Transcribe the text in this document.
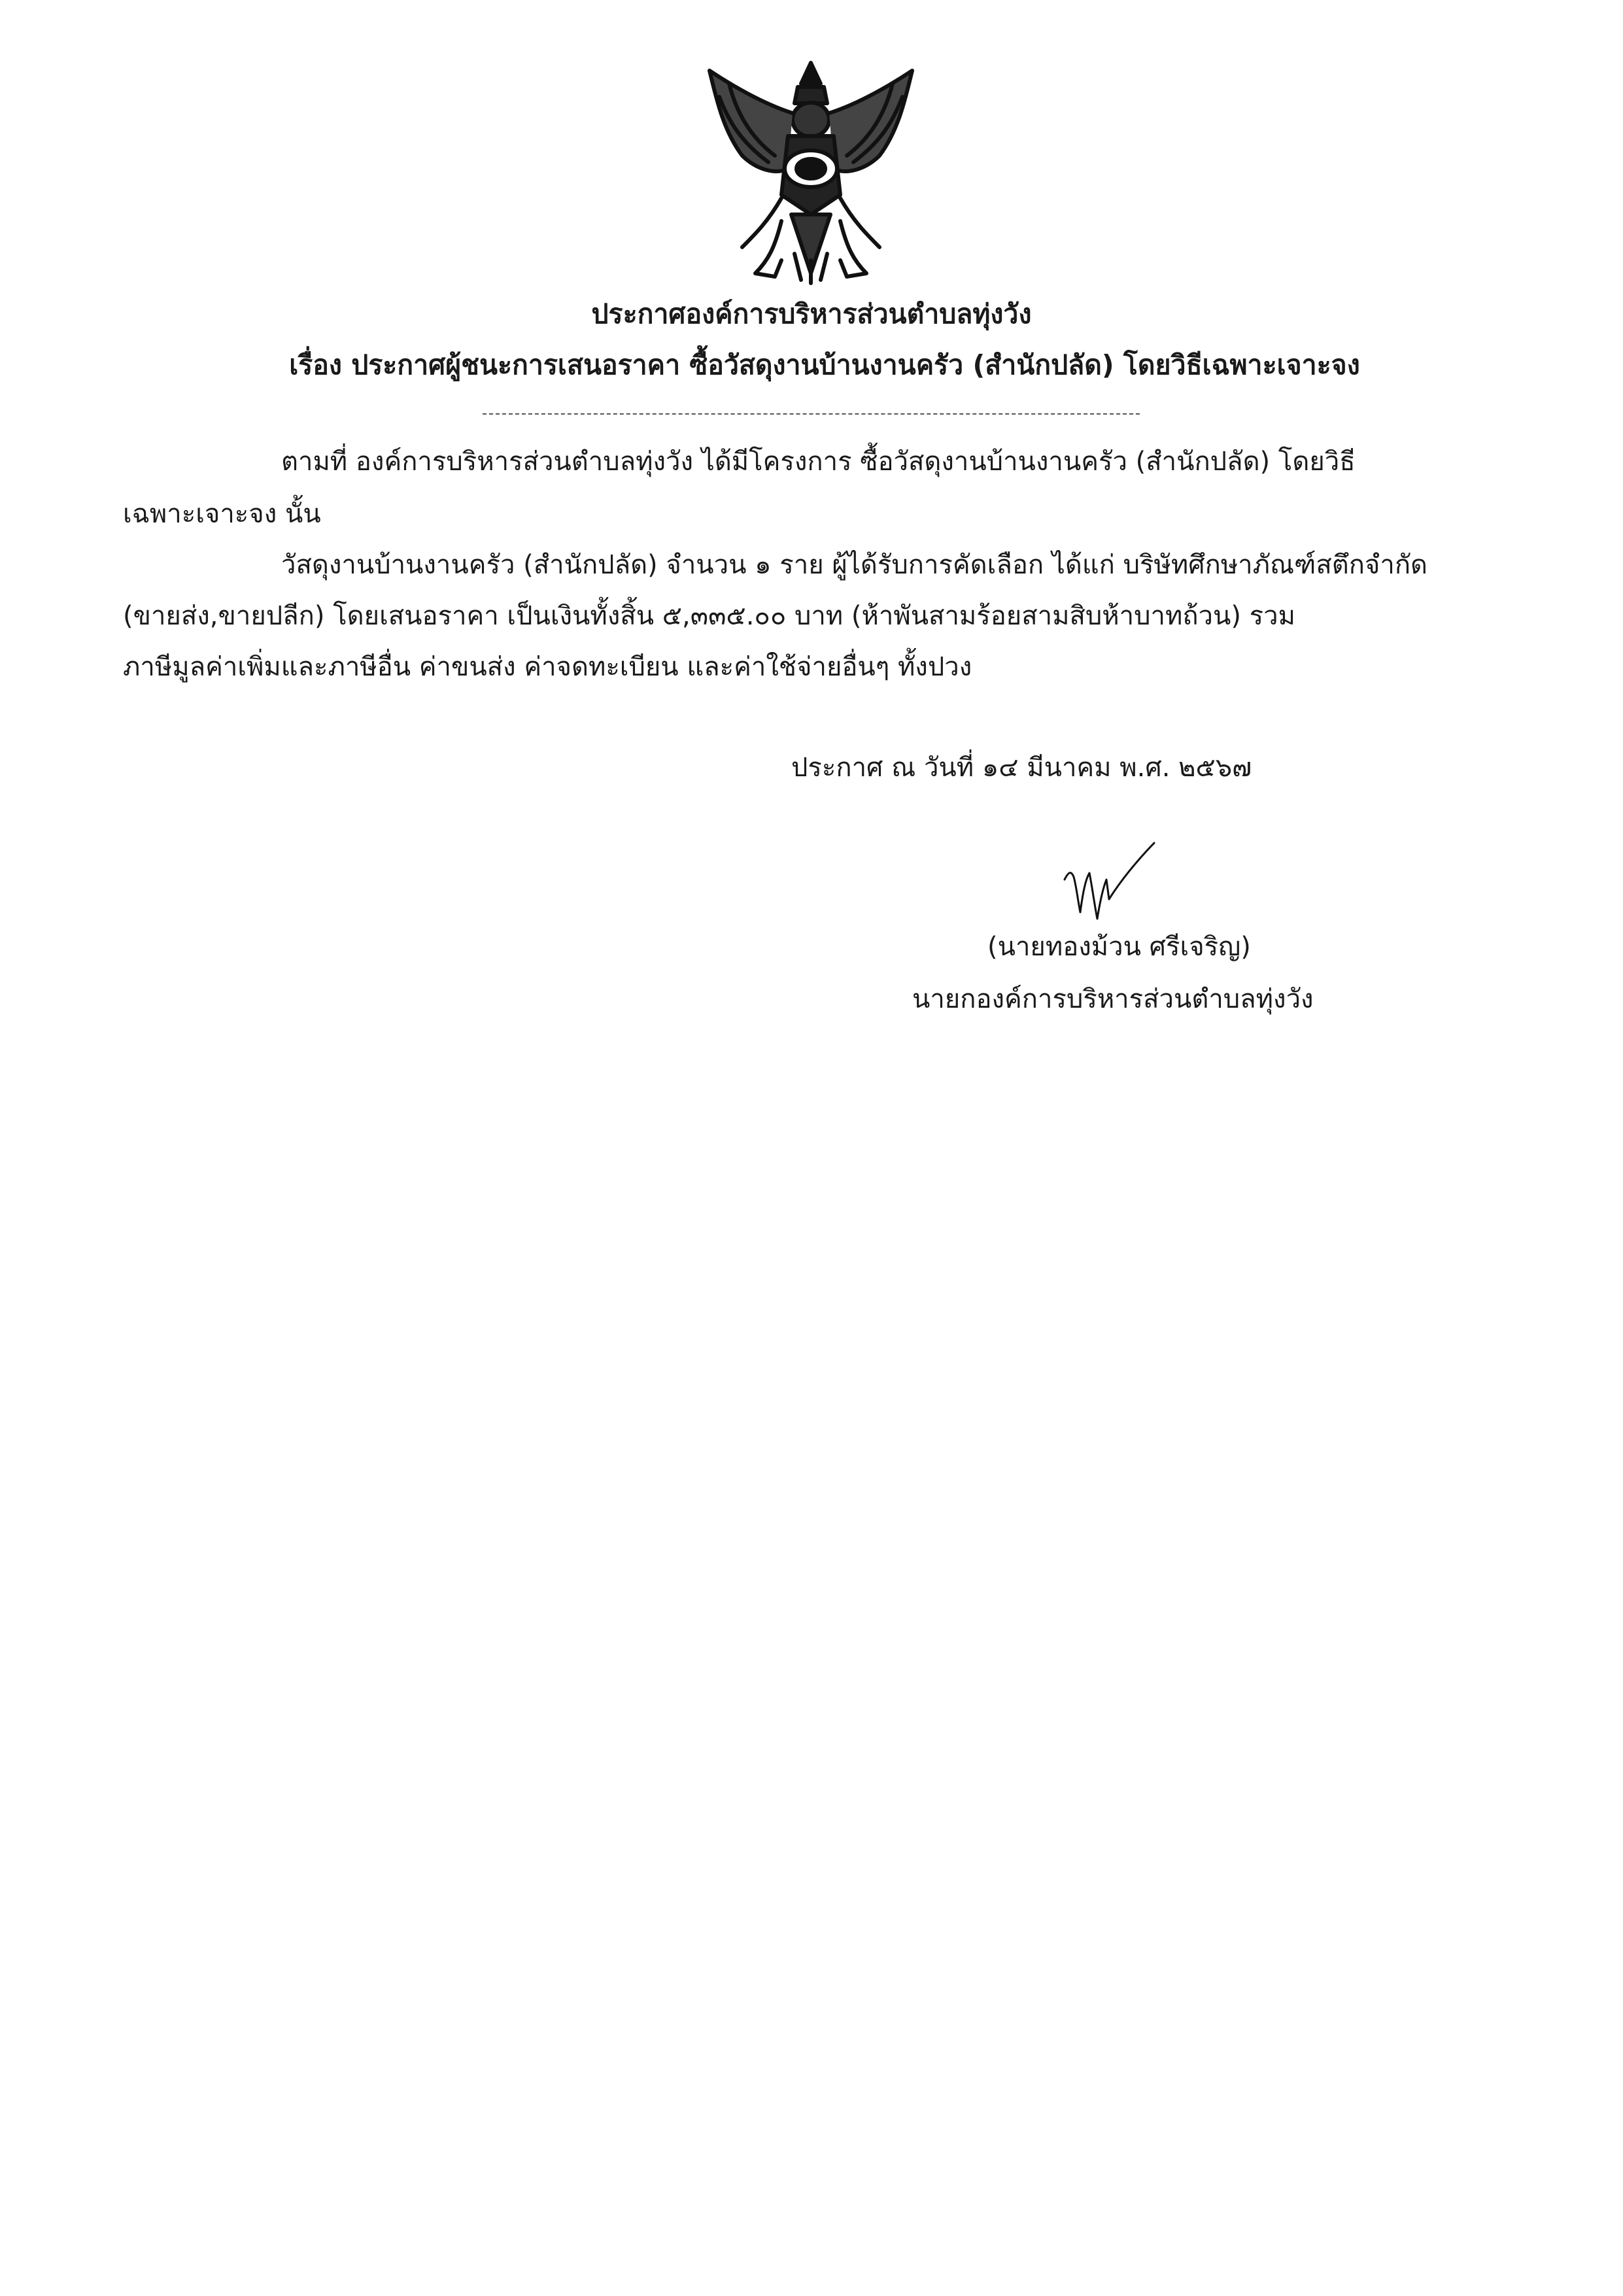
ประกาศองค์การบริหารส่วนตำบลทุ่งวัง
เรื่อง ประกาศผู้ชนะการเสนอราคา ซื้อวัสดุงานบ้านงานครัว (สำนักปลัด) โดยวิธีเฉพาะเจาะจง
ตามที่ องค์การบริหารส่วนตำบลทุ่งวัง ได้มีโครงการ ซื้อวัสดุงานบ้านงานครัว (สำนักปลัด) โดยวิธี
เฉพาะเจาะจง นั้น
วัสดุงานบ้านงานครัว (สำนักปลัด) จำนวน ๑ ราย ผู้ได้รับการคัดเลือก ได้แก่ บริษัทศึกษาภัณฑ์สตึกจำกัด
(ขายส่ง,ขายปลีก) โดยเสนอราคา เป็นเงินทั้งสิ้น ๕,๓๓๕.๐๐ บาท (ห้าพันสามร้อยสามสิบห้าบาทถ้วน) รวม
ภาษีมูลค่าเพิ่มและภาษีอื่น ค่าขนส่ง ค่าจดทะเบียน และค่าใช้จ่ายอื่นๆ ทั้งปวง
ประกาศ ณ วันที่ ๑๔ มีนาคม พ.ศ. ๒๕๖๗
(นายทองม้วน ศรีเจริญ)
นายกองค์การบริหารส่วนตำบลทุ่งวัง
